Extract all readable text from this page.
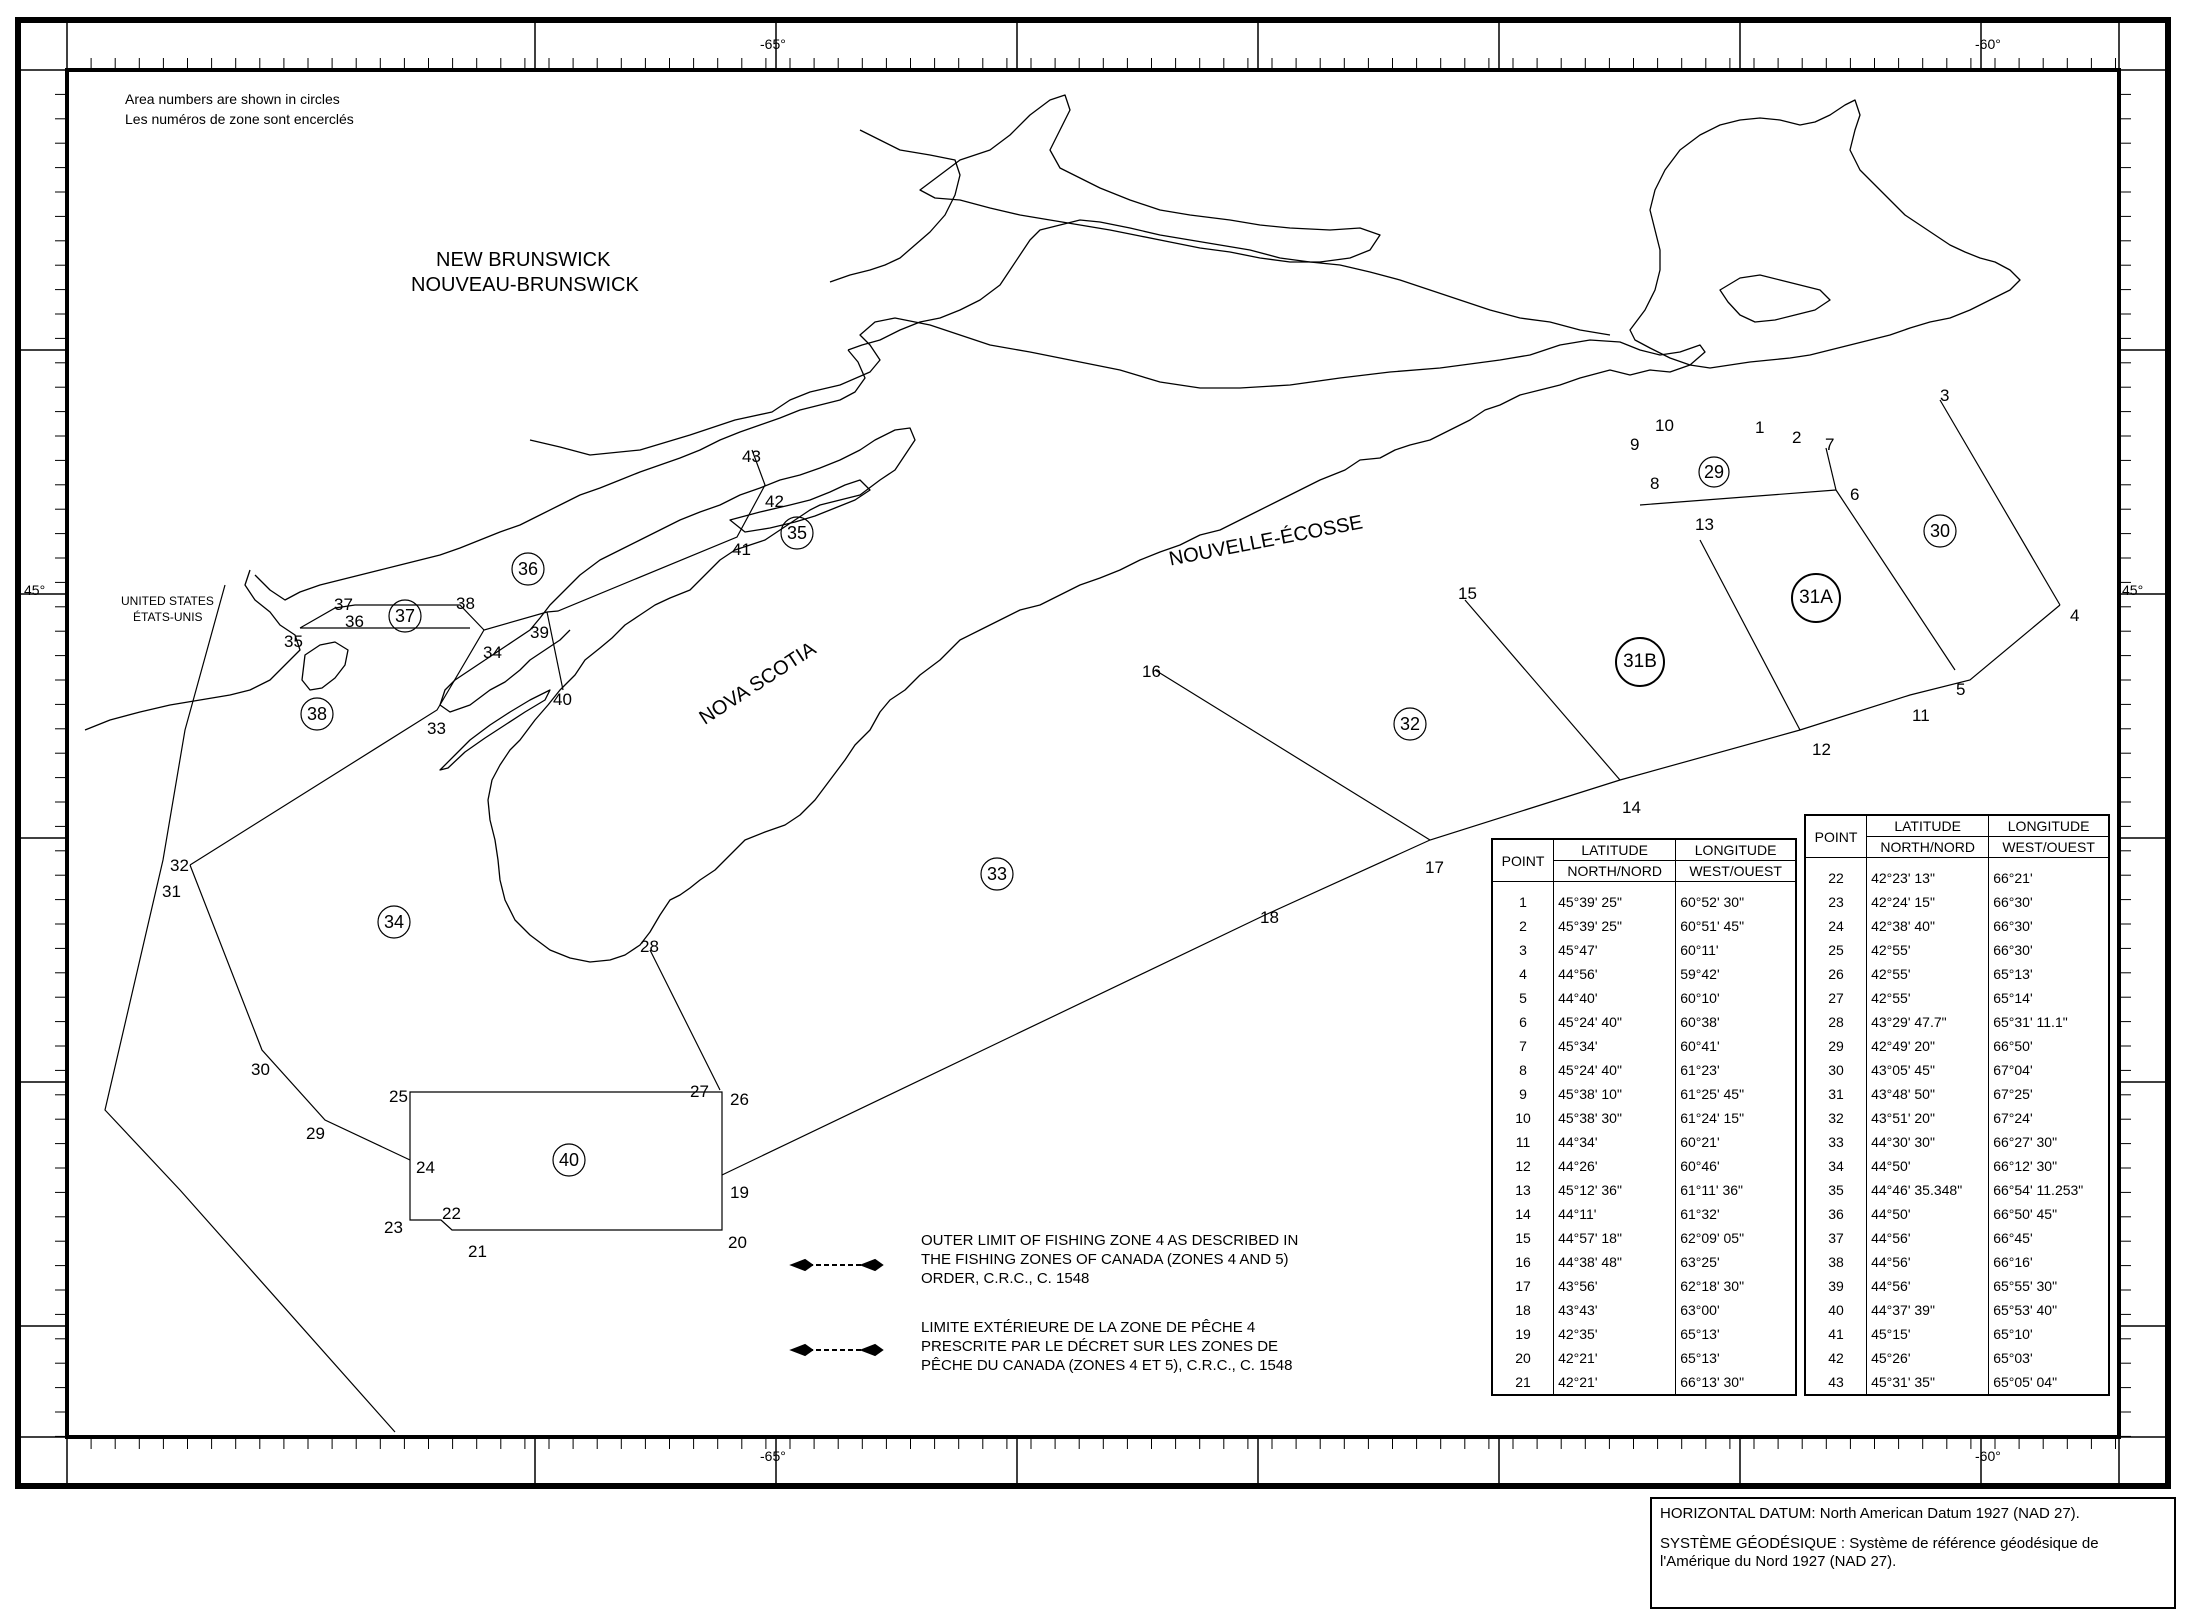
Area numbers are shown in circles
Les numéros de zone sont encerclés
-65°	-60°
-65°	-60°
45°	45°
NEW BRUNSWICK
NOUVEAU-BRUNSWICK
NOVA SCOTIA
NOUVELLE-ÉCOSSE
UNITED STATES
ÉTATS-UNIS
29
30
31A
31B
32
33
34
35
36
37
38
40
1
2
3
4
5
6
7
8
9
10
11
12
13
14
15
16
17
18
19
20
21
22
23
24
25	26
27
28
29
30
31
32
33
34
35
36
37	38
39
40
41
42
43
OUTER LIMIT OF FISHING ZONE 4 AS DESCRIBED IN THE FISHING ZONES OF CANADA (ZONES 4 AND 5) ORDER, C.R.C., C. 1548
LIMITE EXTÉRIEURE DE LA ZONE DE PÊCHE 4 PRESCRITE PAR LE DÉCRET SUR LES ZONES DE PÊCHE DU CANADA (ZONES 4 ET 5), C.R.C., C. 1548
POINT	LATITUDE	LONGITUDE
	NORTH/NORD	WEST/OUEST

1	45°39' 25"	60°52' 30"
2	45°39' 25"	60°51' 45"
3	45°47'	60°11'
4	44°56'	59°42'
5	44°40'	60°10'
6	45°24' 40"	60°38'
7	45°34'	60°41'
8	45°24' 40"	61°23'
9	45°38' 10"	61°25' 45"
10	45°38' 30"	61°24' 15"
11	44°34'	60°21'
12	44°26'	60°46'
13	45°12' 36"	61°11' 36"
14	44°11'	61°32'
15	44°57' 18"	62°09' 05"
16	44°38' 48"	63°25'
17	43°56'	62°18' 30"
18	43°43'	63°00'
19	42°35'	65°13'
20	42°21'	65°13'
21	42°21'	66°13' 30"
POINT	LATITUDE	LONGITUDE
	NORTH/NORD	WEST/OUEST

22	42°23' 13"	66°21'
23	42°24' 15"	66°30'
24	42°38' 40"	66°30'
25	42°55'	66°30'
26	42°55'	65°13'
27	42°55'	65°14'
28	43°29' 47.7"	65°31' 11.1"
29	42°49' 20"	66°50'
30	43°05' 45"	67°04'
31	43°48' 50"	67°25'
32	43°51' 20"	67°24'
33	44°30' 30"	66°27' 30"
34	44°50'	66°12' 30"
35	44°46' 35.348"	66°54' 11.253"
36	44°50'	66°50' 45"
37	44°56'	66°45'
38	44°56'	66°16'
39	44°56'	65°55' 30"
40	44°37' 39"	65°53' 40"
41	45°15'	65°10'
42	45°26'	65°03'
43	45°31' 35"	65°05' 04"
HORIZONTAL DATUM: North American Datum 1927 (NAD 27).
SYSTÈME GÉODÉSIQUE : Système de référence géodésique de l'Amérique du Nord 1927 (NAD 27).
